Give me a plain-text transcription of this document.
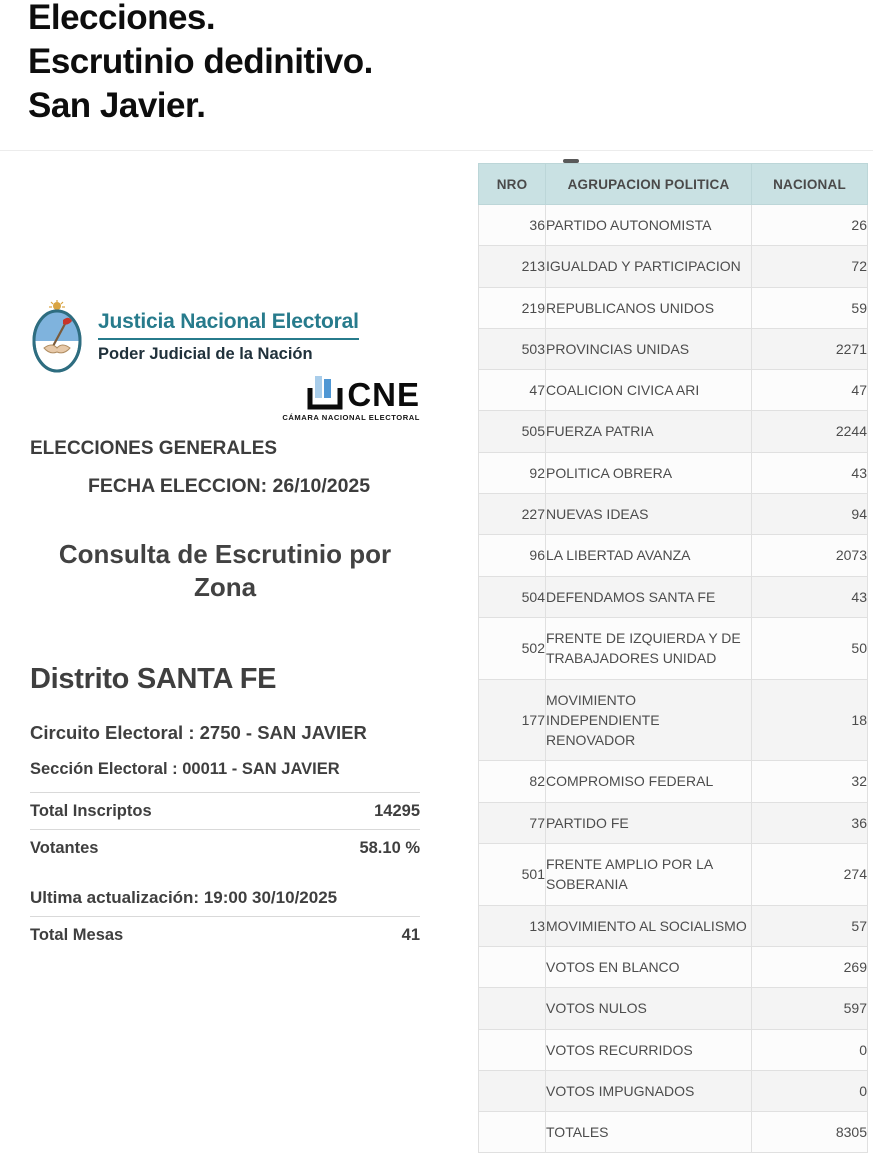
Elecciones.
Escrutinio dedinitivo.
San Javier.
Justicia Nacional Electoral
Poder Judicial de la Nación
CNE
CÁMARA NACIONAL ELECTORAL
ELECCIONES GENERALES
FECHA ELECCION: 26/10/2025
Consulta de Escrutinio por Zona
Distrito SANTA FE
Circuito Electoral : 2750 - SAN JAVIER
Sección Electoral : 00011 - SAN JAVIER
Total Inscriptos	14295
Votantes	58.10 %
Ultima actualización: 19:00 30/10/2025
Total Mesas	41
NRO	AGRUPACION POLITICA	NACIONAL
36	PARTIDO AUTONOMISTA	26
213	IGUALDAD Y PARTICIPACION	72
219	REPUBLICANOS UNIDOS	59
503	PROVINCIAS UNIDAS	2271
47	COALICION CIVICA ARI	47
505	FUERZA PATRIA	2244
92	POLITICA OBRERA	43
227	NUEVAS IDEAS	94
96	LA LIBERTAD AVANZA	2073
504	DEFENDAMOS SANTA FE	43
502	FRENTE DE IZQUIERDA Y DE TRABAJADORES UNIDAD	50
177	MOVIMIENTO INDEPENDIENTE RENOVADOR	18
82	COMPROMISO FEDERAL	32
77	PARTIDO FE	36
501	FRENTE AMPLIO POR LA SOBERANIA	274
13	MOVIMIENTO AL SOCIALISMO	57
	VOTOS EN BLANCO	269
	VOTOS NULOS	597
	VOTOS RECURRIDOS	0
	VOTOS IMPUGNADOS	0
	TOTALES	8305
